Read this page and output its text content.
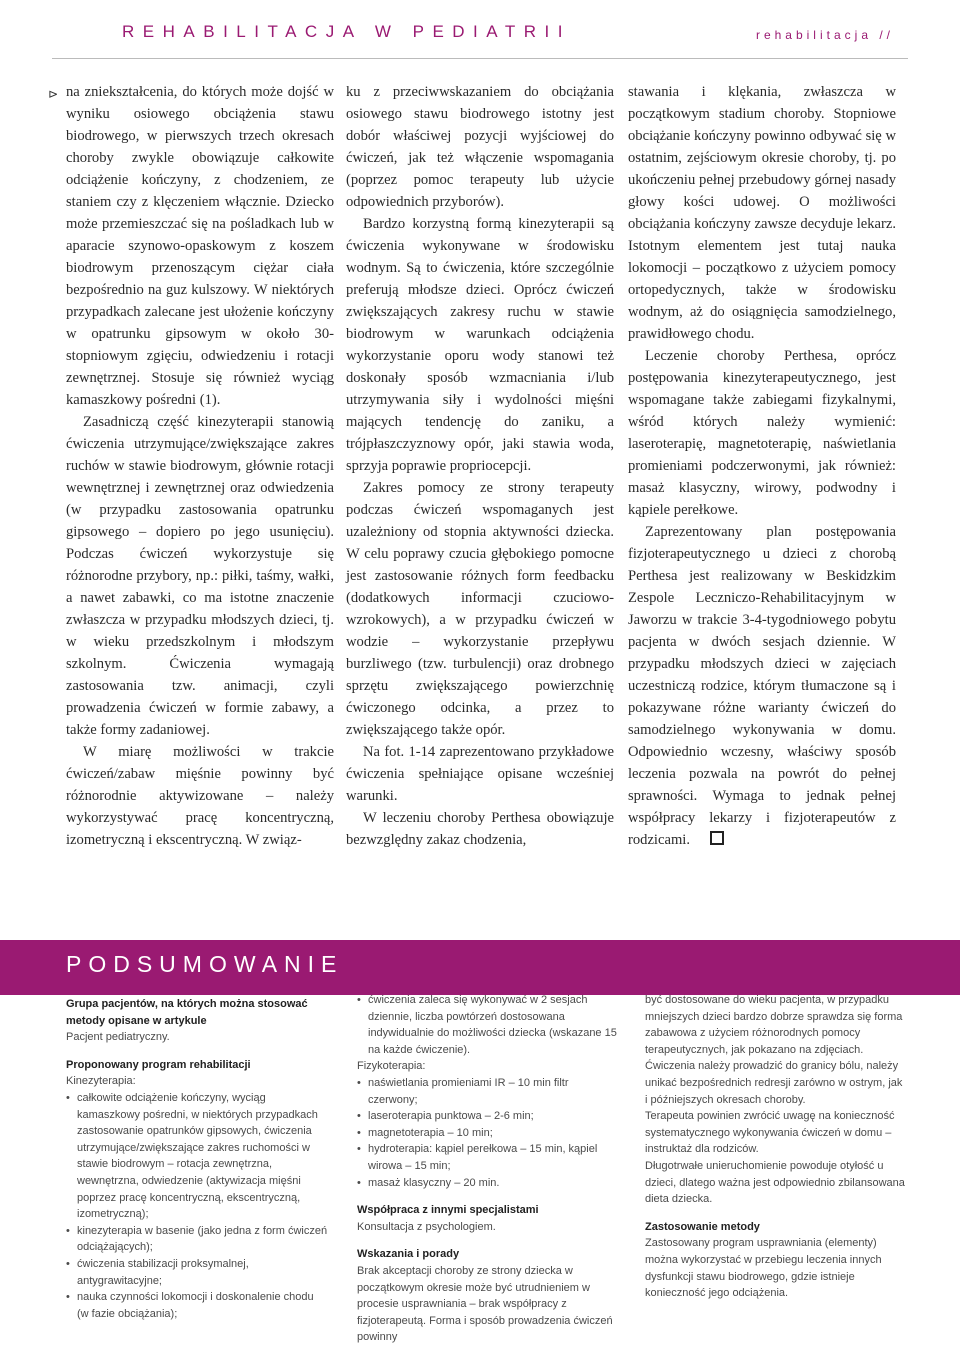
REHABILITACJA W PEDIATRII	rehabilitacja //
⊳ na zniekształcenia, do których może dojść w wyniku osiowego obciążenia stawu biodrowego, w pierwszych trzech okresach choroby zwykle obowiązuje całkowite odciążenie kończyny, z chodzeniem, ze staniem czy z klęczeniem włącznie. Dziecko może przemieszczać się na pośladkach lub w aparacie szynowo-opaskowym z koszem biodrowym przenoszącym ciężar ciała bezpośrednio na guz kulszowy. W niektórych przypadkach zalecane jest ułożenie kończyny w opatrunku gipsowym w około 30-stopniowym zgięciu, odwiedzeniu i rotacji zewnętrznej. Stosuje się również wyciąg kamaszkowy pośredni (1).

Zasadniczą część kinezyterapii stanowią ćwiczenia utrzymujące/zwiększające zakres ruchów w stawie biodrowym, głównie rotacji wewnętrznej i zewnętrznej oraz odwiedzenia (w przypadku zastosowania opatrunku gipsowego – dopiero po jego usunięciu). Podczas ćwiczeń wykorzystuje się różnorodne przybory, np.: piłki, taśmy, wałki, a nawet zabawki, co ma istotne znaczenie zwłaszcza w przypadku młodszych dzieci, tj. w wieku przedszkolnym i młodszym szkolnym. Ćwiczenia wymagają zastosowania tzw. animacji, czyli prowadzenia ćwiczeń w formie zabawy, a także formy zadaniowej.

W miarę możliwości w trakcie ćwiczeń/zabaw mięśnie powinny być różnorodnie aktywizowane – należy wykorzystywać pracę koncentryczną, izometryczną i ekscentryczną. W związ-

ku z przeciwwskazaniem do obciążania osiowego stawu biodrowego istotny jest dobór właściwej pozycji wyjściowej do ćwiczeń, jak też włączenie wspomagania (poprzez pomoc terapeuty lub użycie odpowiednich przyborów).

Bardzo korzystną formą kinezyterapii są ćwiczenia wykonywane w środowisku wodnym. Są to ćwiczenia, które szczególnie preferują młodsze dzieci. Oprócz ćwiczeń zwiększających zakresy ruchu w stawie biodrowym w warunkach odciążenia wykorzystanie oporu wody stanowi też doskonały sposób wzmacniania i/lub utrzymywania siły i wydolności mięśni mających tendencję do zaniku, a trójpłaszczyznowy opór, jaki stawia woda, sprzyja poprawie propriocepcji.

Zakres pomocy ze strony terapeuty podczas ćwiczeń wspomaganych jest uzależniony od stopnia aktywności dziecka. W celu poprawy czucia głębokiego pomocne jest zastosowanie różnych form feedbacku (dodatkowych informacji czuciowo-wzrokowych), a w przypadku ćwiczeń w wodzie – wykorzystanie przepływu burzliwego (tzw. turbulencji) oraz drobnego sprzętu zwiększającego powierzchnię ćwiczonego odcinka, a przez to zwiększającego także opór.

Na fot. 1-14 zaprezentowano przykładowe ćwiczenia spełniające opisane wcześniej warunki.

W leczeniu choroby Perthesa obowiązuje bezwzględny zakaz chodzenia,

stawania i klękania, zwłaszcza w początkowym stadium choroby. Stopniowe obciążanie kończyny powinno odbywać się w ostatnim, zejściowym okresie choroby, tj. po ukończeniu pełnej przebudowy górnej nasady głowy kości udowej. O możliwości obciążania kończyny zawsze decyduje lekarz. Istotnym elementem jest tutaj nauka lokomocji – początkowo z użyciem pomocy ortopedycznych, także w środowisku wodnym, aż do osiągnięcia samodzielnego, prawidłowego chodu.

Leczenie choroby Perthesa, oprócz postępowania kinezyterapeutycznego, jest wspomagane także zabiegami fizykalnymi, wśród których należy wymienić: laseroterapię, magnetoterapię, naświetlania promieniami podczerwonymi, jak również: masaż klasyczny, wirowy, podwodny i kąpiele perełkowe.

Zaprezentowany plan postępowania fizjoterapeutycznego u dzieci z chorobą Perthesa jest realizowany w Beskidzkim Zespole Leczniczo-Rehabilitacyjnym w Jaworzu w trakcie 3-4-tygodniowego pobytu pacjenta w dwóch sesjach dziennie. W przypadku młodszych dzieci w zajęciach uczestniczą rodzice, którym tłumaczone są i pokazywane różne warianty ćwiczeń do samodzielnego wykonywania w domu. Odpowiednio wczesny, właściwy sposób leczenia pozwala na powrót do pełnej sprawności. Wymaga to jednak pełnej współpracy lekarzy i fizjoterapeutów z rodzicami.

PODSUMOWANIE

Grupa pacjentów, na których można stosować metody opisane w artykule

Pacjent pediatryczny.

Proponowany program rehabilitacji

Kinezyterapia:

• całkowite odciążenie kończyny, wyciąg kamaszkowy pośredni, w niektórych przypadkach zastosowanie opatrunków gipsowych, ćwiczenia utrzymujące/zwiększające zakres ruchomości w stawie biodrowym – rotacja zewnętrzna, wewnętrzna, odwiedzenie (aktywizacja mięśni poprzez pracę koncentryczną, ekscentryczną, izometryczną);
• kinezyterapia w basenie (jako jedna z form ćwiczeń odciążających);
• ćwiczenia stabilizacji proksymalnej, antygrawitacyjne;
• nauka czynności lokomocji i doskonalenie chodu (w fazie obciążania);
• ćwiczenia zaleca się wykonywać w 2 sesjach dziennie, liczba powtórzeń dostosowana indywidualnie do możliwości dziecka (wskazane 15 na każde ćwiczenie).

Fizykoterapia:

• naświetlania promieniami IR – 10 min filtr czerwony;
• laseroterapia punktowa – 2-6 min;
• magnetoterapia – 10 min;
• hydroterapia: kąpiel perełkowa – 15 min, kąpiel wirowa – 15 min;
• masaż klasyczny – 20 min.

Współpraca z innymi specjalistami

Konsultacja z psychologiem.

Wskazania i porady

Brak akceptacji choroby ze strony dziecka w początkowym okresie może być utrudnieniem w procesie usprawniania – brak współpracy z fizjoterapeutą. Forma i sposób prowadzenia ćwiczeń powinny

być dostosowane do wieku pacjenta, w przypadku mniejszych dzieci bardzo dobrze sprawdza się forma zabawowa z użyciem różnorodnych pomocy terapeutycznych, jak pokazano na zdjęciach.

Ćwiczenia należy prowadzić do granicy bólu, należy unikać bezpośrednich redresji zarówno w ostrym, jak i późniejszych okresach choroby.

Terapeuta powinien zwrócić uwagę na konieczność systematycznego wykonywania ćwiczeń w domu – instruktaż dla rodziców.

Długotrwałe unieruchomienie powoduje otyłość u dzieci, dlatego ważna jest odpowiednio zbilansowana dieta dziecka.

Zastosowanie metody

Zastosowany program usprawniania (elementy) można wykorzystać w przebiegu leczenia innych dysfunkcji stawu biodrowego, gdzie istnieje konieczność jego odciążenia.
